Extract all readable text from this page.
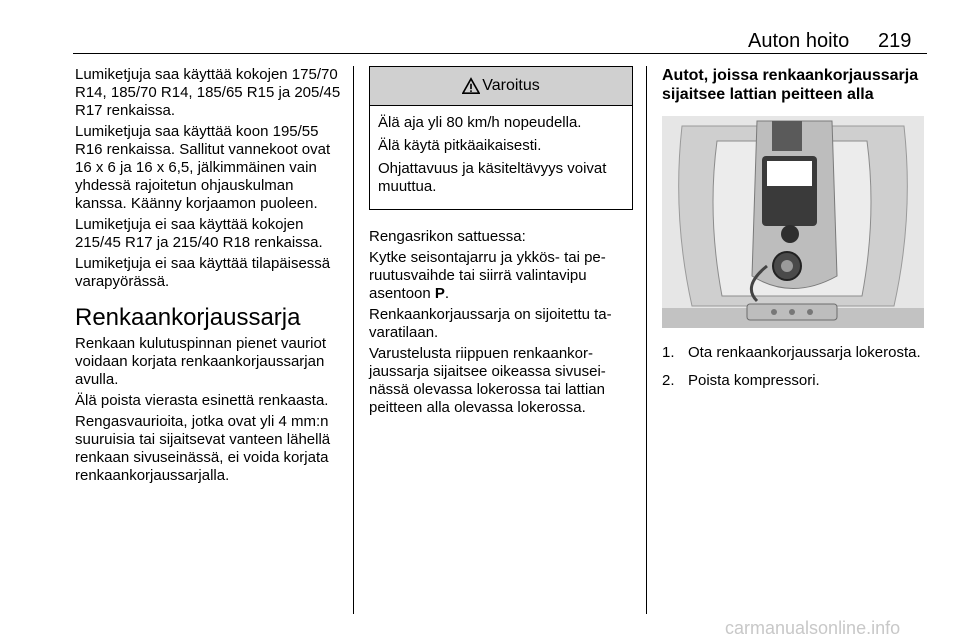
Auton hoito 219

Lumiketjuja saa käyttää kokojen 175/70 R14, 185/70 R14, 185/65 R15 ja 205/45 R17 renkaissa.

Lumiketjuja saa käyttää koon 195/55 R16 renkaissa. Sallitut vannekoot ovat 16 x 6 ja 16 x 6,5, jälkimmäinen vain yhdessä rajoitetun ohjauskulman kanssa. Käänny korjaamon puoleen.

Lumiketjuja ei saa käyttää kokojen 215/45 R17 ja 215/40 R18 renkaissa.

Lumiketjuja ei saa käyttää tilapäisessä varapyörässä.

Renkaankorjaussarja

Renkaan kulutuspinnan pienet vauriot voidaan korjata renkaankorjaussarjan avulla.

Älä poista vierasta esinettä renkaasta.

Rengasvaurioita, jotka ovat yli 4 mm:n suuruisia tai sijaitsevat vanteen lähellä renkaan sivuseinässä, ei voida korjata renkaankorjaussarjalla.

Varoitus

Älä aja yli 80 km/h nopeudella.

Älä käytä pitkäaikaisesti.

Ohjattavuus ja käsiteltävyys voivat muuttua.

Rengasrikon sattuessa:

Kytke seisontajarru ja ykkös- tai peruutusvaihde tai siirrä valintavipu asentoon P.

Renkaankorjaussarja on sijoitettu tavaratilaan.

Varustelusta riippuen renkaankorjaussarja sijaitsee oikeassa sivuseinässä olevassa lokerossa tai lattian peitteen alla olevassa lokerossa.

Autot, joissa renkaankorjaussarja sijaitsee lattian peitteen alla
1. Ota renkaankorjaussarja lokerosta.
2. Poista kompressori.
carmanualsonline.info
